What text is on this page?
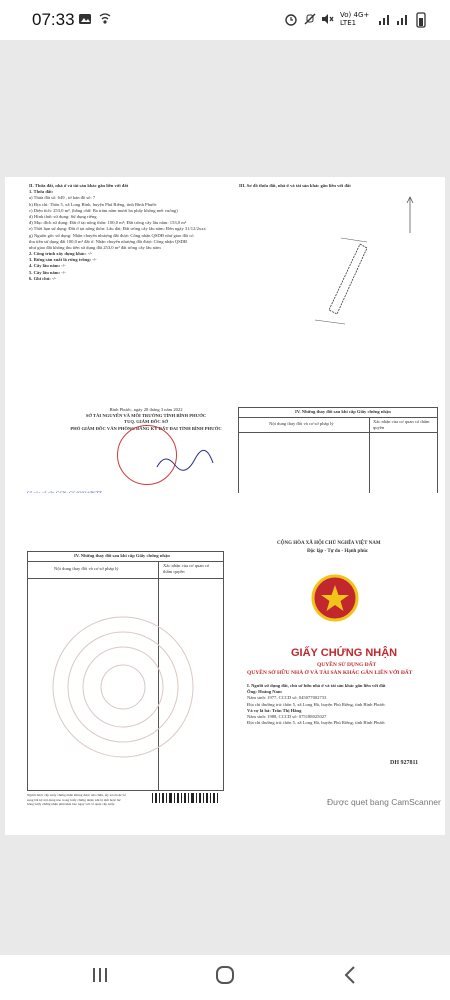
07:33	Vo) 4G+
LTE1
II. Thửa đất, nhà ở và tài sản khác gắn liền với đất
1. Thửa đất:
a) Thửa đất số: 649 , tờ bản đồ số: 7
b) Địa chỉ: Thôn 5, xã Long Bình, huyện Phú Riềng, tỉnh Bình Phước
c) Diện tích: 253,0 m², (bằng chữ: Ba trăm năm mươi ba phẩy không mét vuông)
d) Hình thức sử dụng: Sử dụng riêng
đ) Mục đích sử dụng: Đất ở tại nông thôn: 100,0 m²; Đất trồng cây lâu năm: 153,0 m²
e) Thời hạn sử dụng: Đất ở tại nông thôn: Lâu dài; Đất trồng cây lâu năm: Đến ngày 31/12/2xxx
g) Nguồn gốc sử dụng: Nhận chuyển nhượng đất được Công nhận QSDĐ như giao đất có
thu tiền sử dụng đất 100,0 m² đất ở. Nhận chuyển nhượng đất được Công nhận QSDĐ
như giao đất không thu tiền sử dụng đất 253,0 m² đất trồng cây lâu năm
2. Công trình xây dựng khác: -/-
3. Rừng sản xuất là rừng trồng: -/-
4. Cây lâu năm: -/-
5. Cây lâu năm: -/-
6. Ghi chú: -/-
Bình Phước, ngày 28 tháng 3 năm 2022
SỞ TÀI NGUYÊN VÀ MÔI TRƯỜNG TỈNH BÌNH PHƯỚC
TUQ. GIÁM ĐỐC SỞ
PHÓ GIÁM ĐỐC VĂN PHÒNG ĐĂNG KÝ ĐẤT ĐAI TỈNH BÌNH PHƯỚC
III. Sơ đồ thửa đất, nhà ở và tài sản khác gắn liền với đất
IV. Những thay đổi sau khi cấp Giấy chứng nhận
Nội dung thay đổi và cơ sở pháp lý	Xác nhận của cơ quan có thẩm quyền
IV. Những thay đổi sau khi cấp Giấy chứng nhận
Nội dung thay đổi và cơ sở pháp lý
Xác nhận của cơ quan có thẩm quyền
Người được cấp Giấy chứng nhận không được sửa chữa, tẩy xóa hoặc bổ sung bất kỳ nội dung nào trong Giấy chứng nhận; khi bị mất hoặc hư hỏng Giấy chứng nhận phải khai báo ngay với cơ quan cấp Giấy.
CỘNG HÒA XÃ HỘI CHỦ NGHĨA VIỆT NAM
Độc lập - Tự do - Hạnh phúc
GIẤY CHỨNG NHẬN
QUYỀN SỬ DỤNG ĐẤT
QUYỀN SỞ HỮU NHÀ Ở VÀ TÀI SẢN KHÁC GẮN LIỀN VỚI ĐẤT
I. Người sử dụng đất, chủ sở hữu nhà ở và tài sản khác gắn liền với đất
Ông: Hoàng Nam
Năm sinh: 1977, CCCD số: 045077002733
Địa chỉ thường trú: thôn 5, xã Long Hà, huyện Phú Riềng, tỉnh Bình Phước
Và vợ là bà: Trần Thị Hằng
Năm sinh: 1988, CCCD số: 075188025027
Địa chỉ thường trú: thôn 5, xã Long Hà, huyện Phú Riềng, tỉnh Bình Phước
DH 927811
Được quet bang CamScanner
